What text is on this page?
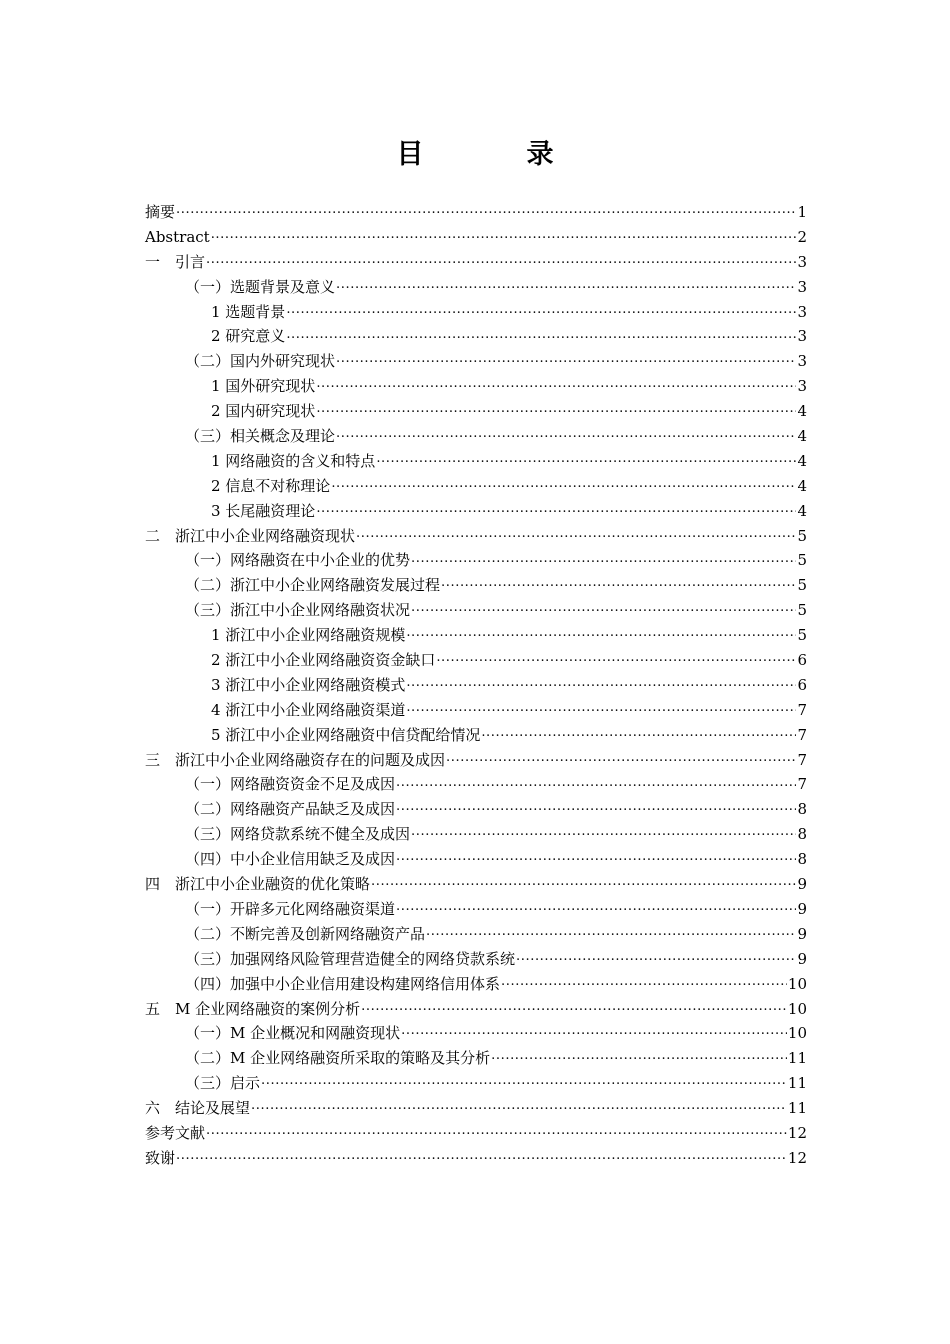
目　录
摘要 .....	1
Abstract .....	2
一　引言 .....	3
（一）选题背景及意义 .....	3
1 选题背景 .....	3
2 研究意义 .....	3
（二）国内外研究现状 .....	3
1 国外研究现状 .....	3
2 国内研究现状 .....	4
（三）相关概念及理论 .....	4
1 网络融资的含义和特点 .....	4
2 信息不对称理论 .....	4
3 长尾融资理论 .....	4
二　浙江中小企业网络融资现状 .....	5
（一）网络融资在中小企业的优势 .....	5
（二）浙江中小企业网络融资发展过程 .....	5
（三）浙江中小企业网络融资状况 .....	5
1 浙江中小企业网络融资规模 .....	5
2 浙江中小企业网络融资资金缺口 .....	6
3 浙江中小企业网络融资模式 .....	6
4 浙江中小企业网络融资渠道 .....	7
5 浙江中小企业网络融资中信贷配给情况 .....	7
三　浙江中小企业网络融资存在的问题及成因 .....	7
（一）网络融资资金不足及成因 .....	7
（二）网络融资产品缺乏及成因 .....	8
（三）网络贷款系统不健全及成因 .....	8
（四）中小企业信用缺乏及成因 .....	8
四　浙江中小企业融资的优化策略 .....	9
（一）开辟多元化网络融资渠道 .....	9
（二）不断完善及创新网络融资产品 .....	9
（三）加强网络风险管理营造健全的网络贷款系统 .....	9
（四）加强中小企业信用建设构建网络信用体系 .....	10
五　M 企业网络融资的案例分析 .....	10
（一）M 企业概况和网融资现状 .....	10
（二）M 企业网络融资所采取的策略及其分析 .....	11
（三）启示 .....	11
六　结论及展望 .....	11
参考文献 .....	12
致谢 .....	12
